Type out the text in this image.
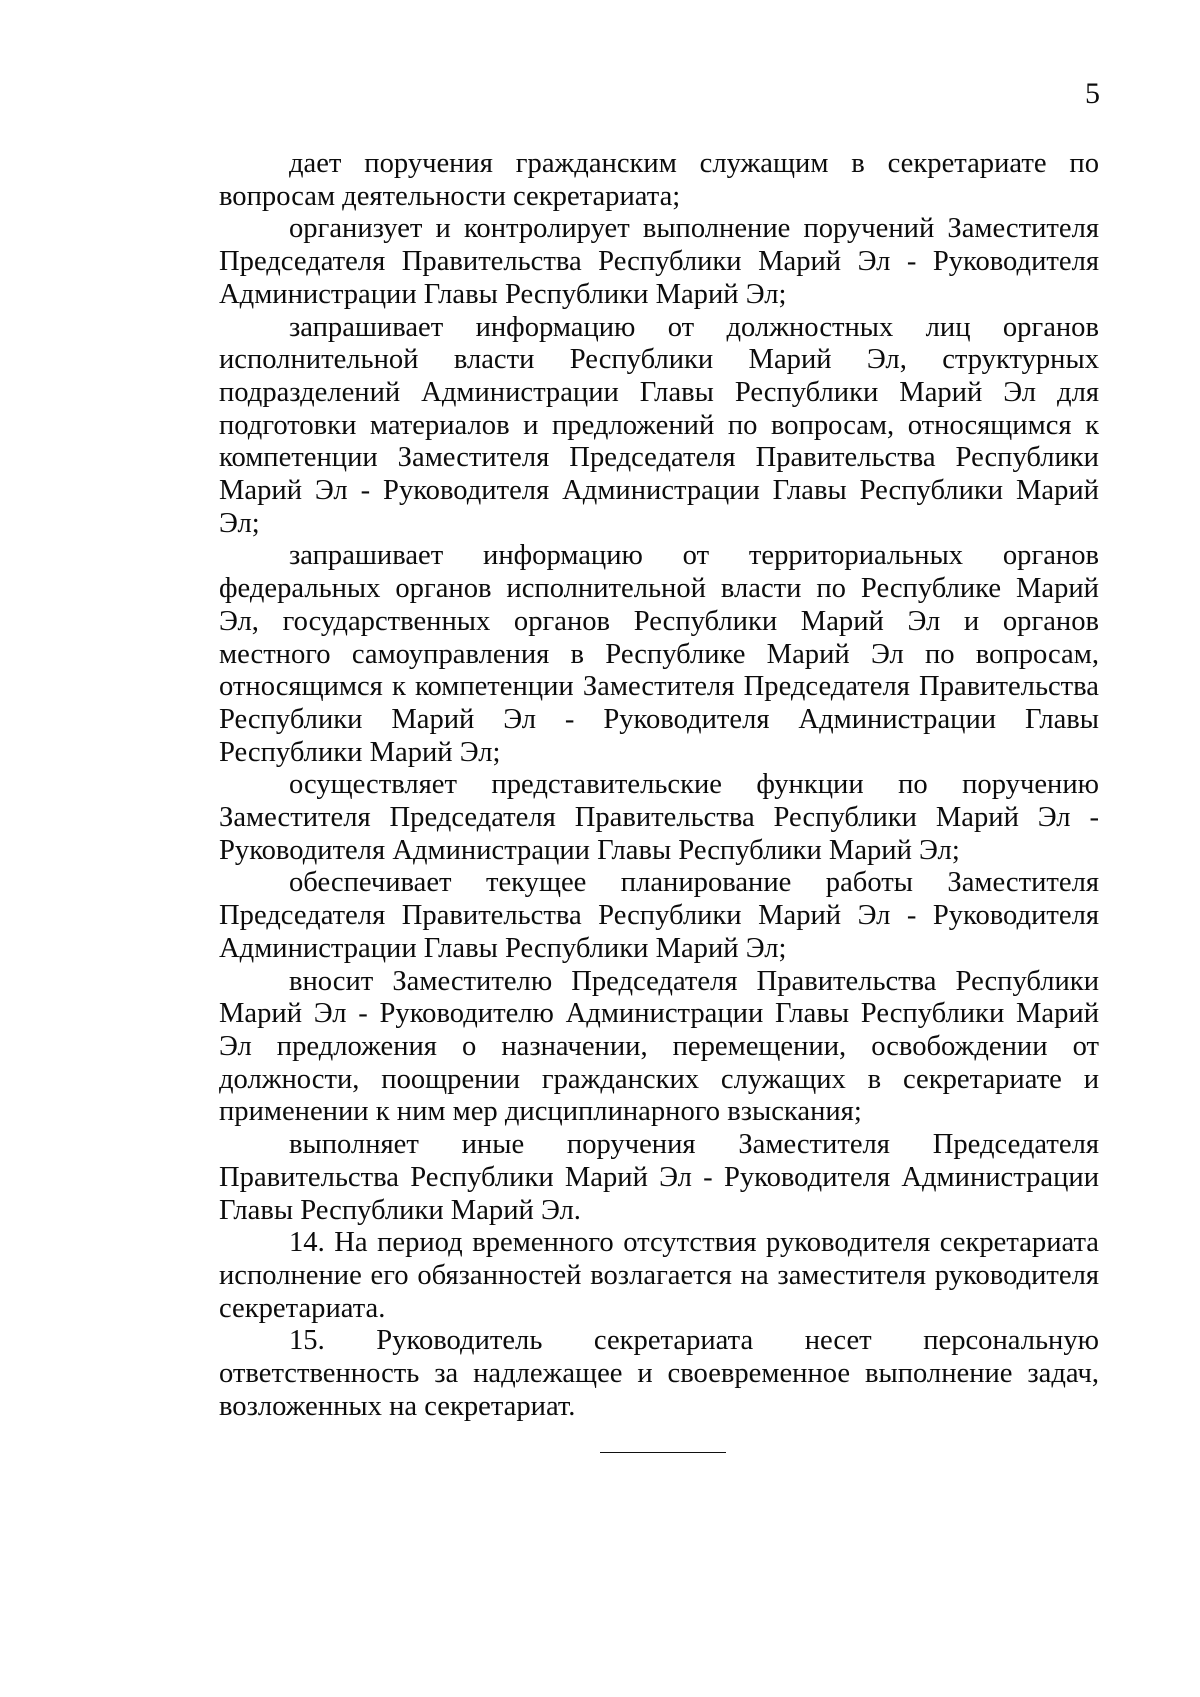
5

дает поручения гражданским служащим в секретариате по вопросам деятельности секретариата;

организует и контролирует выполнение поручений Заместителя Председателя Правительства Республики Марий Эл - Руководителя Администрации Главы Республики Марий Эл;

запрашивает информацию от должностных лиц органов исполнительной власти Республики Марий Эл, структурных подразделений Администрации Главы Республики Марий Эл для подготовки материалов и предложений по вопросам, относящимся к компетенции Заместителя Председателя Правительства Республики Марий Эл - Руководителя Администрации Главы Республики Марий Эл;

запрашивает информацию от территориальных органов федеральных органов исполнительной власти по Республике Марий Эл, государственных органов Республики Марий Эл и органов местного самоуправления в Республике Марий Эл по вопросам, относящимся к компетенции Заместителя Председателя Правительства Республики Марий Эл - Руководителя Администрации Главы Республики Марий Эл;

осуществляет представительские функции по поручению Заместителя Председателя Правительства Республики Марий Эл - Руководителя Администрации Главы Республики Марий Эл;

обеспечивает текущее планирование работы Заместителя Председателя Правительства Республики Марий Эл - Руководителя Администрации Главы Республики Марий Эл;

вносит Заместителю Председателя Правительства Республики Марий Эл - Руководителю Администрации Главы Республики Марий Эл предложения о назначении, перемещении, освобождении от должности, поощрении гражданских служащих в секретариате и применении к ним мер дисциплинарного взыскания;

выполняет иные поручения Заместителя Председателя Правительства Республики Марий Эл - Руководителя Администрации Главы Республики Марий Эл.

14. На период временного отсутствия руководителя секретариата исполнение его обязанностей возлагается на заместителя руководителя секретариата.

15. Руководитель секретариата несет персональную ответственность за надлежащее и своевременное выполнение задач, возложенных на секретариат.
